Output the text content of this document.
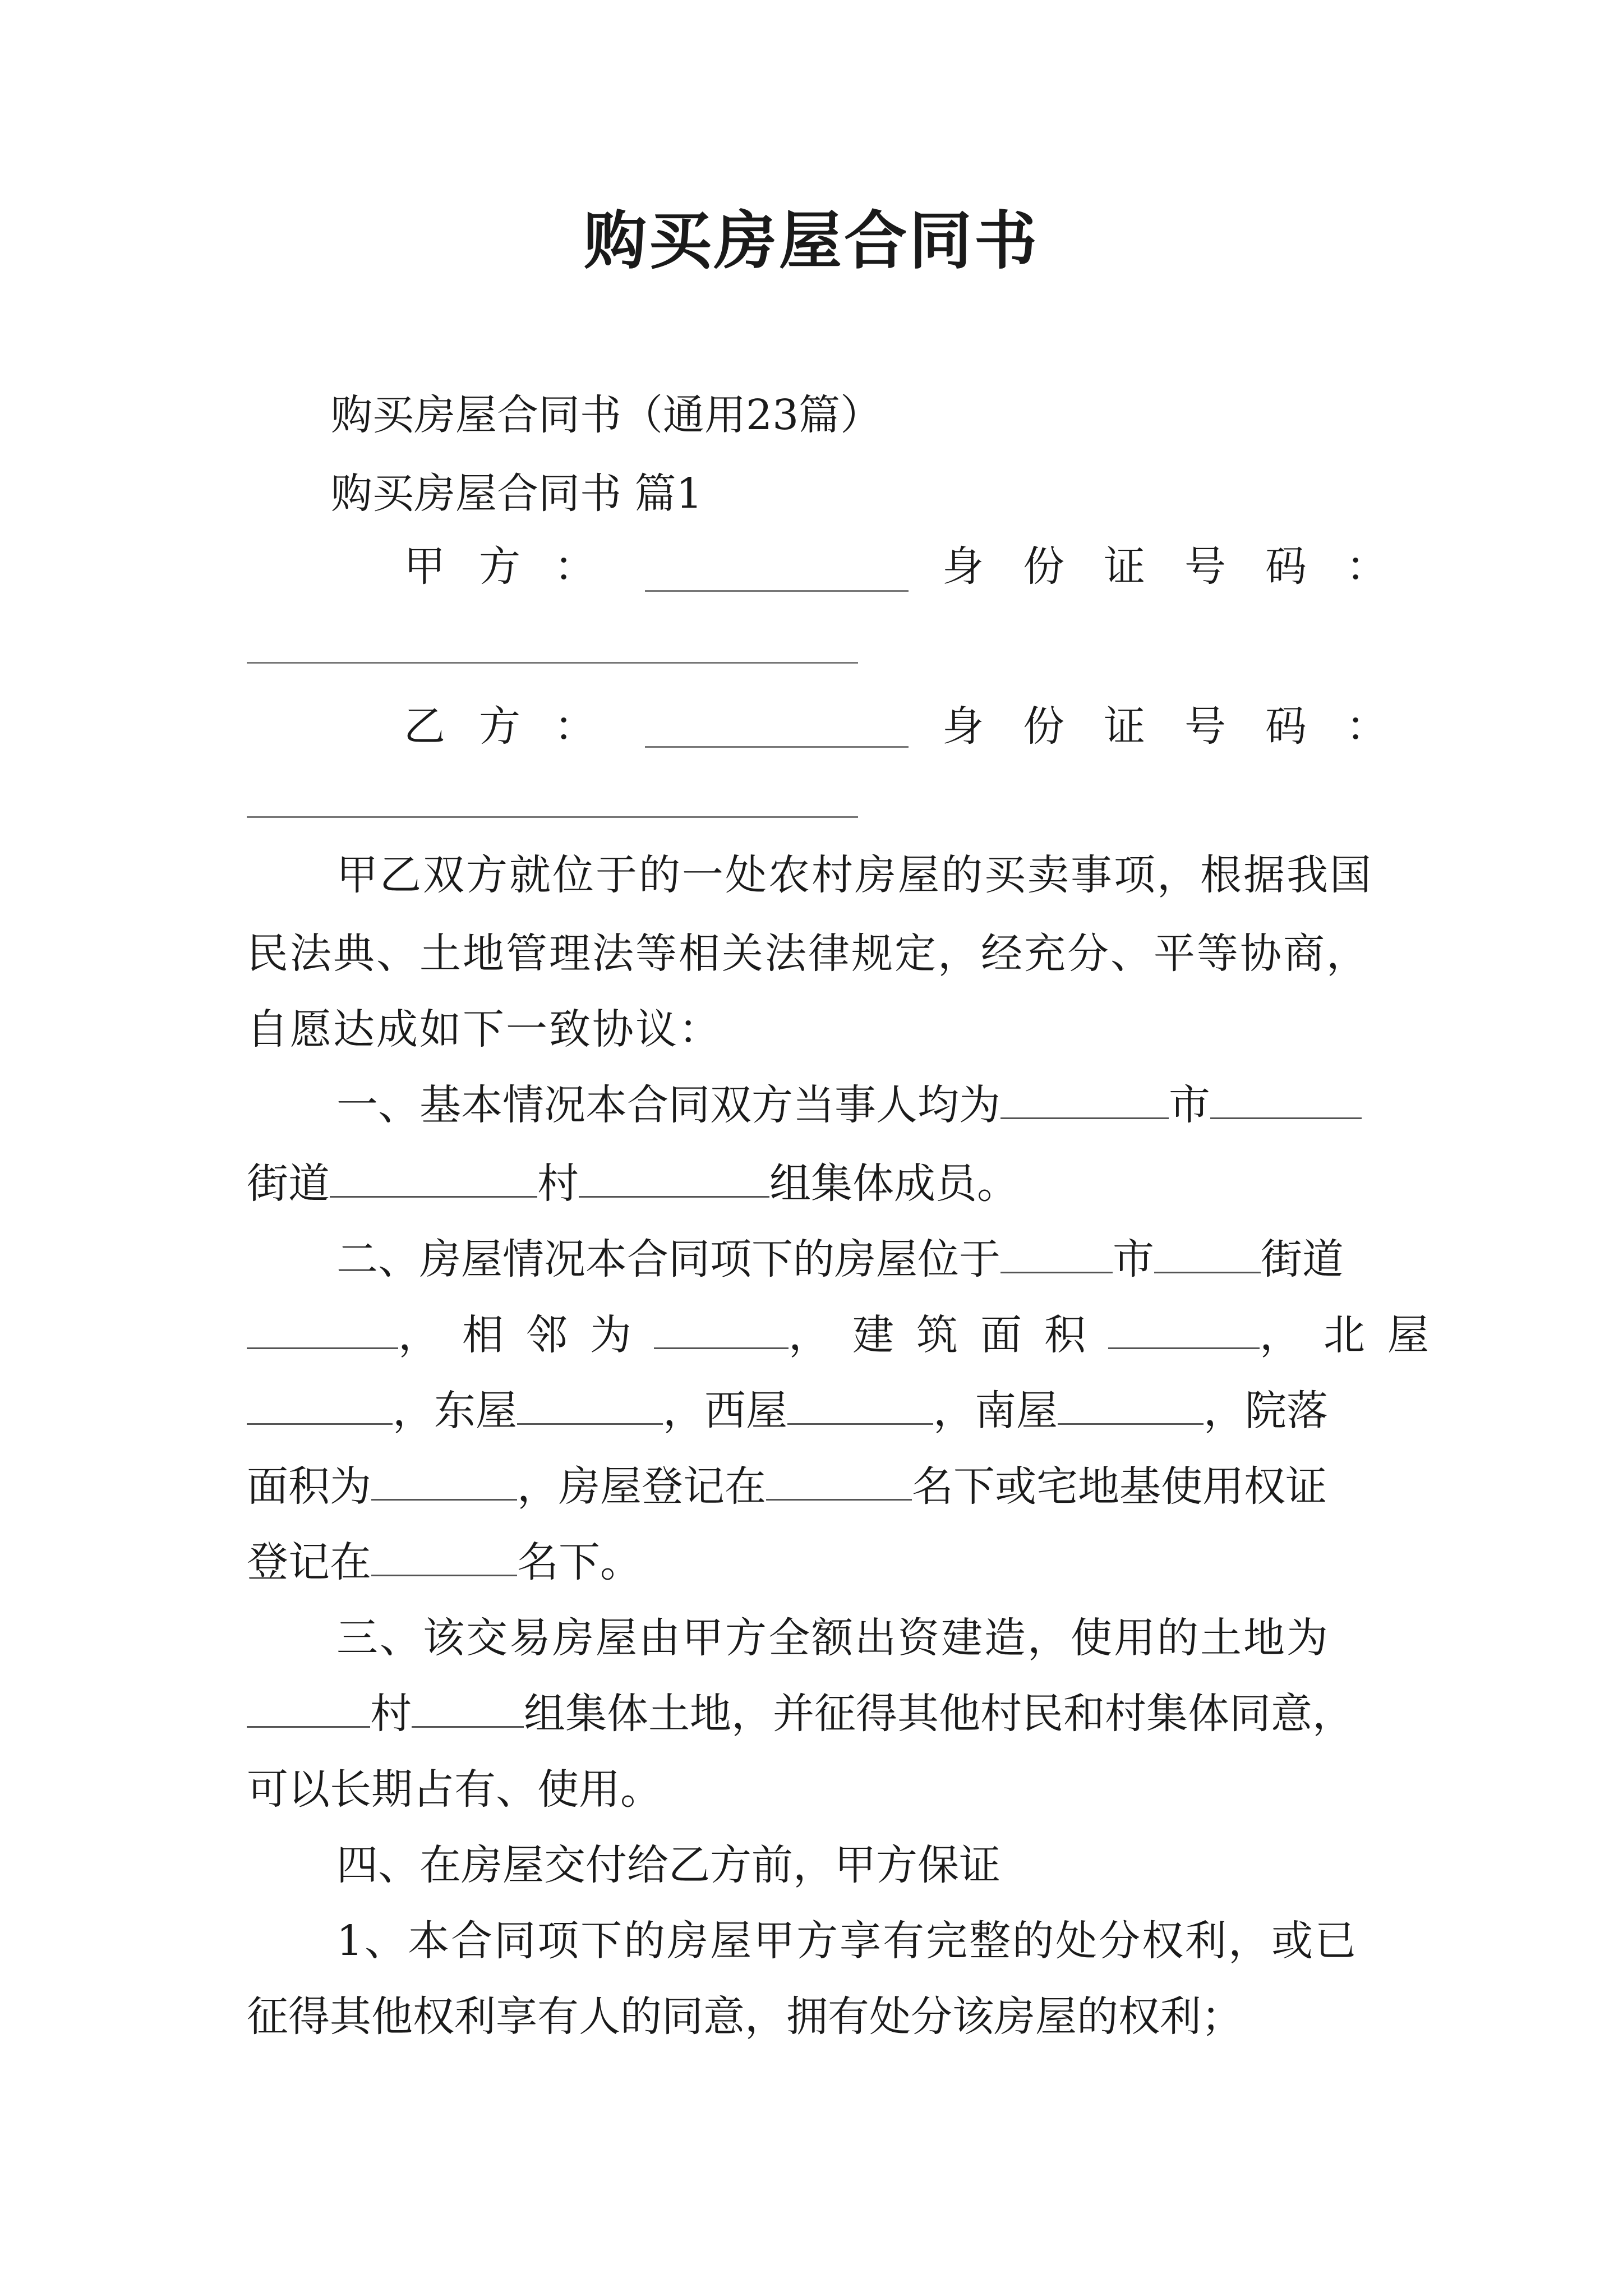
购买房屋合同书
购买房屋合同书（通用23篇）
购买房屋合同书 篇1
甲方：	身份证号码：
乙方：	身份证号码：
甲乙双方就位于的一处农村房屋的买卖事项，根据我国
民法典、土地管理法等相关法律规定，经充分、平等协商，
自愿达成如下一致协议：
一、基本情况本合同双方当事人均为	市
街道	村	组集体成员。
二、房屋情况本合同项下的房屋位于	市	街道
，相邻为	，建筑面积	，北屋
，东屋	，西屋	，南屋	，院落
面积为	，房屋登记在	名下或宅地基使用权证
登记在	名下。
三、该交易房屋由甲方全额出资建造，使用的土地为
村	组集体土地，并征得其他村民和村集体同意，
可以长期占有、使用。
四、在房屋交付给乙方前，甲方保证
1、本合同项下的房屋甲方享有完整的处分权利，或已
征得其他权利享有人的同意，拥有处分该房屋的权利；
